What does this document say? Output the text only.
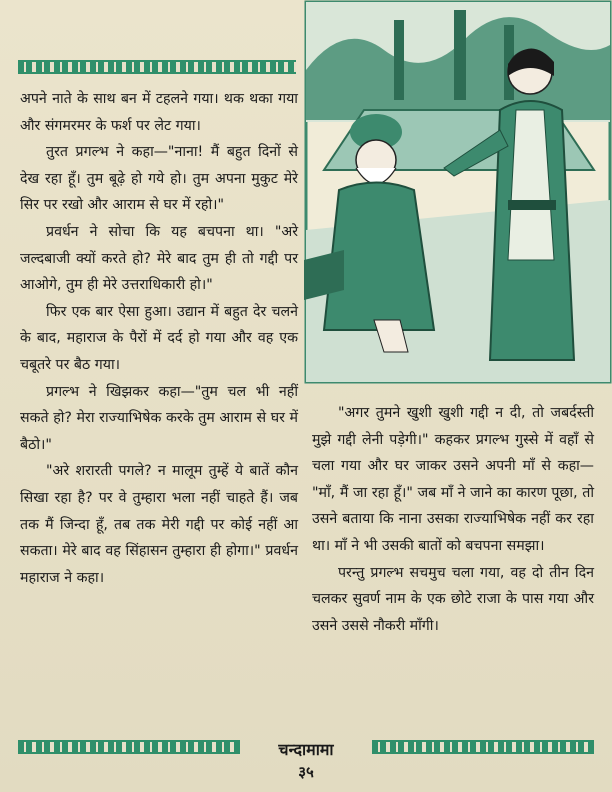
अपने नाते के साथ बन में टहलने गया। थक थका गया और संगमरमर के फर्श पर लेट गया।

तुरत प्रगल्भ ने कहा—"नाना! मैं बहुत दिनों से देख रहा हूँ। तुम बूढ़े हो गये हो। तुम अपना मुकुट मेरे सिर पर रखो और आराम से घर में रहो।"

प्रवर्धन ने सोचा कि यह बचपना था। "अरे जल्दबाजी क्यों करते हो? मेरे बाद तुम ही तो गद्दी पर आओगे, तुम ही मेरे उत्तराधिकारी हो।"

फिर एक बार ऐसा हुआ। उद्यान में बहुत देर चलने के बाद, महाराज के पैरों में दर्द हो गया और वह एक चबूतरे पर बैठ गया।

प्रगल्भ ने खिझकर कहा—"तुम चल भी नहीं सकते हो? मेरा राज्याभिषेक करके तुम आराम से घर में बैठो।"

"अरे शरारती पगले? न मालूम तुम्हें ये बातें कौन सिखा रहा है? पर वे तुम्हारा भला नहीं चाहते हैं। जब तक मैं जिन्दा हूँ, तब तक मेरी गद्दी पर कोई नहीं आ सकता। मेरे बाद वह सिंहासन तुम्हारा ही होगा।" प्रवर्धन महाराज ने कहा।

"अगर तुमने खुशी खुशी गद्दी न दी, तो जबर्दस्ती मुझे गद्दी लेनी पड़ेगी।" कहकर प्रगल्भ गुस्से में वहाँ से चला गया और घर जाकर उसने अपनी माँ से कहा— "माँ, मैं जा रहा हूँ।" जब माँ ने जाने का कारण पूछा, तो उसने बताया कि नाना उसका राज्याभिषेक नहीं कर रहा था। माँ ने भी उसकी बातों को बचपना समझा।

परन्तु प्रगल्भ सचमुच चला गया, वह दो तीन दिन चलकर सुवर्ण नाम के एक छोटे राजा के पास गया और उसने उससे नौकरी माँगी।

चन्दामामा
३५
